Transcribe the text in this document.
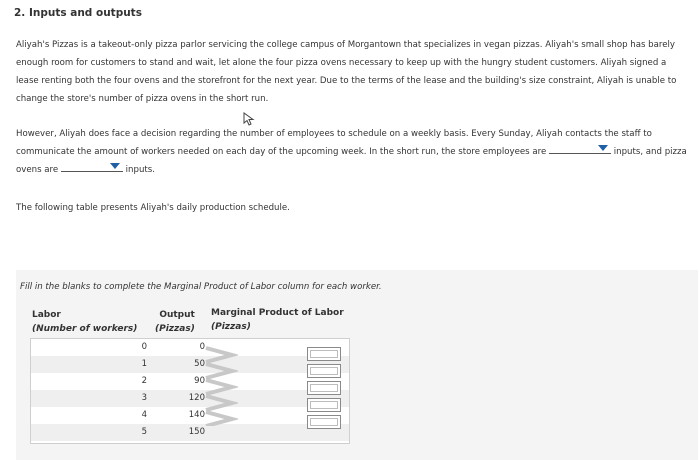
2. Inputs and outputs
Aliyah's Pizzas is a takeout-only pizza parlor servicing the college campus of Morgantown that specializes in vegan pizzas. Aliyah's small shop has barely enough room for customers to stand and wait, let alone the four pizza ovens necessary to keep up with the hungry student customers. Aliyah signed a lease renting both the four ovens and the storefront for the next year. Due to the terms of the lease and the building's size constraint, Aliyah is unable to change the store's number of pizza ovens in the short run.
However, Aliyah does face a decision regarding the number of employees to schedule on a weekly basis. Every Sunday, Aliyah contacts the staff to communicate the amount of workers needed on each day of the upcoming week. In the short run, the store employees are	inputs, and pizza ovens are	inputs.
The following table presents Aliyah's daily production schedule.
Fill in the blanks to complete the Marginal Product of Labor column for each worker.
Labor
(Number of workers)
Output
(Pizzas)
Marginal Product of Labor
(Pizzas)
0	0
1	50
2	90
3	120
4	140
5	150
